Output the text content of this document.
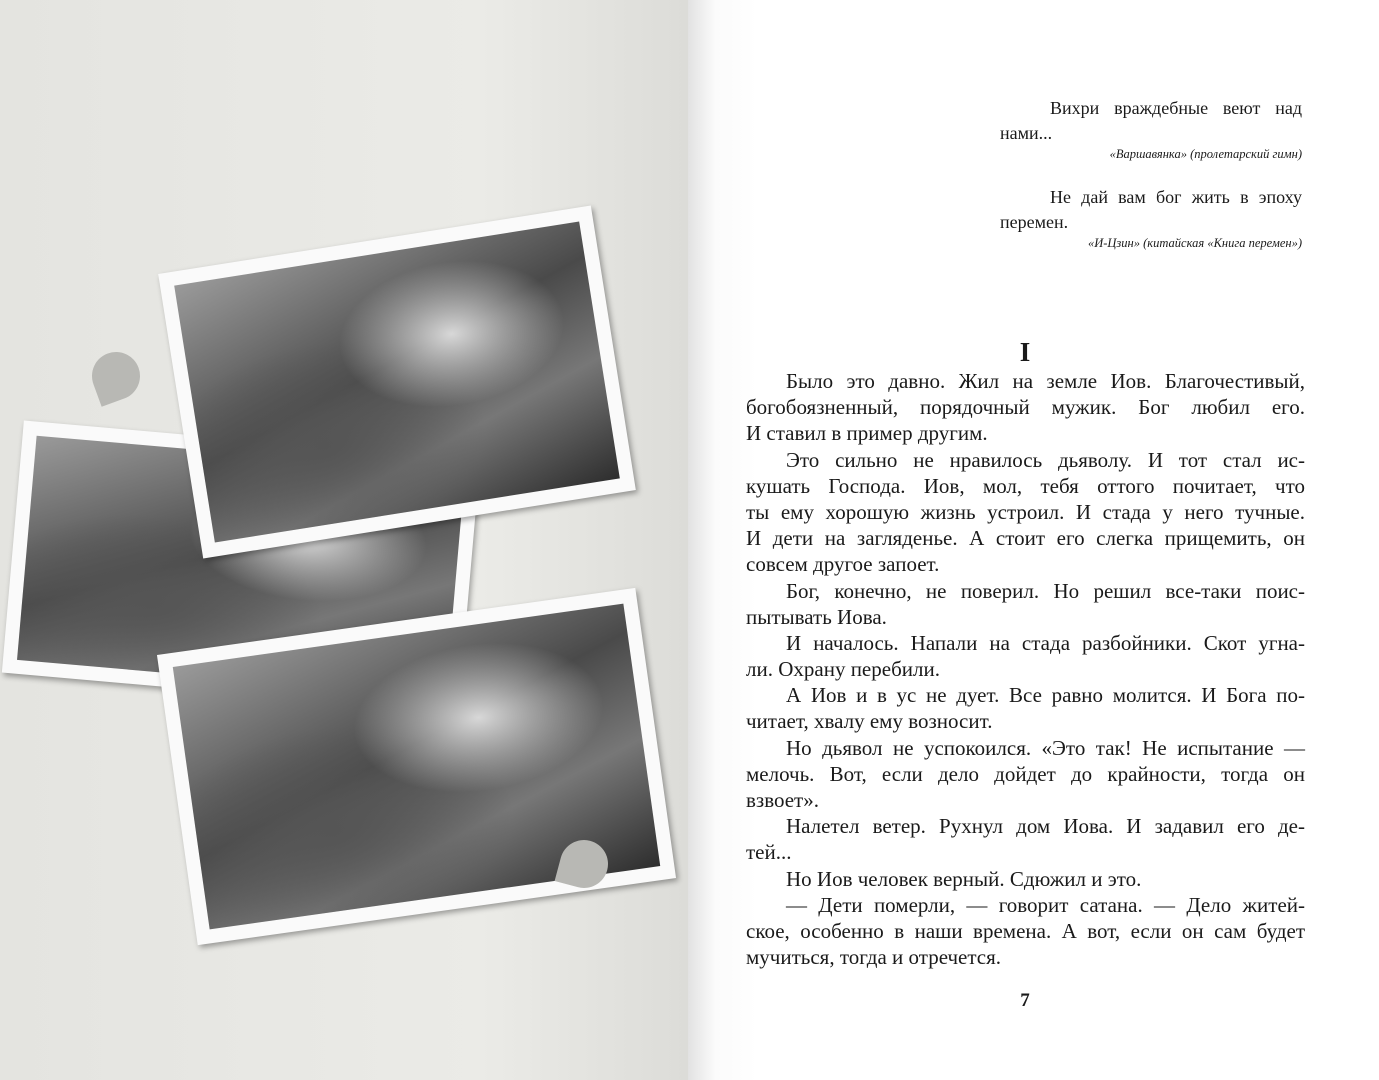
Вихри враждебные веют над нами...
«Варшавянка» (пролетарский гимн)
Не дай вам бог жить в эпоху перемен.
«И-Цзин» (китайская «Книга перемен»)
I
Было это давно. Жил на земле Иов. Благочестивый,
богобоязненный, порядочный мужик. Бог любил его.
И ставил в пример другим.
Это сильно не нравилось дьяволу. И тот стал ис-
кушать Господа. Иов, мол, тебя оттого почитает, что
ты ему хорошую жизнь устроил. И стада у него тучные.
И дети на загляденье. А стоит его слегка прищемить, он
совсем другое запоет.
Бог, конечно, не поверил. Но решил все-таки поис-
пытывать Иова.
И началось. Напали на стада разбойники. Скот угна-
ли. Охрану перебили.
А Иов и в ус не дует. Все равно молится. И Бога по-
читает, хвалу ему возносит.
Но дьявол не успокоился. «Это так! Не испытание —
мелочь. Вот, если дело дойдет до крайности, тогда он
взвоет».
Налетел ветер. Рухнул дом Иова. И задавил его де-
тей...
Но Иов человек верный. Сдюжил и это.
— Дети померли, — говорит сатана. — Дело житей-
ское, особенно в наши времена. А вот, если он сам будет
мучиться, тогда и отречется.
7
